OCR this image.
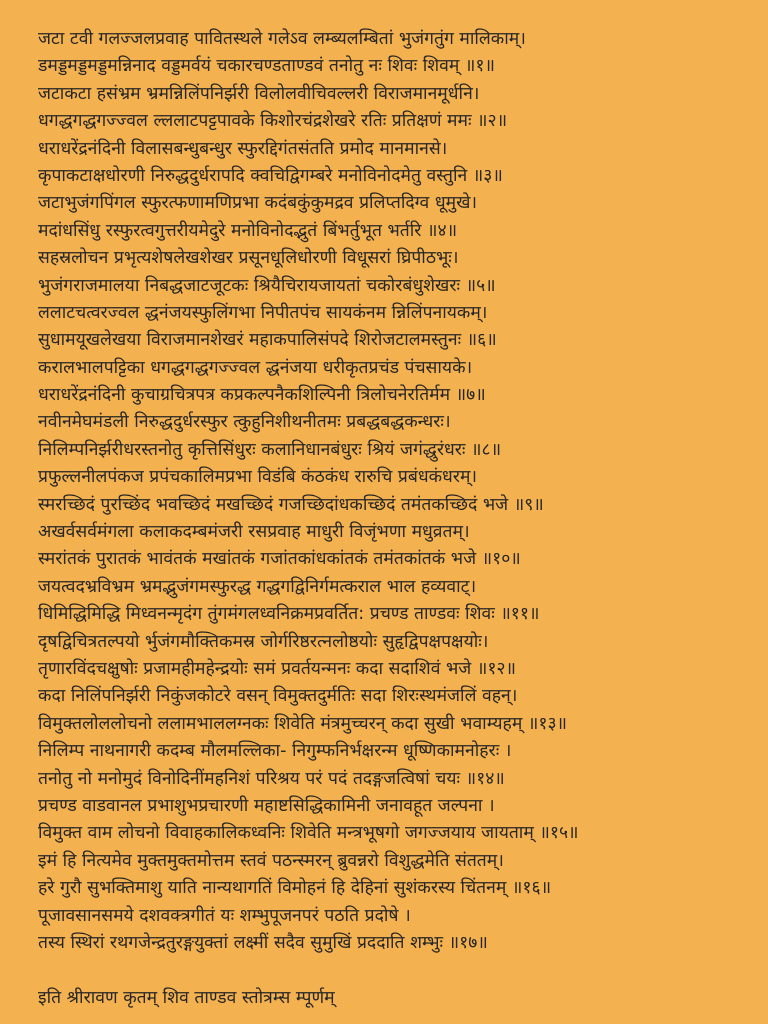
जटा टवी गलज्जलप्रवाह पावितस्थले गलेऽव लम्ब्यलम्बितां भुजंगतुंग मालिकाम्।
डमड्डमड्डमड्डमन्निनाद वड्डमर्वयं चकारचण्डताण्डवं तनोतु नः शिवः शिवम् ॥१॥
जटाकटा हसंभ्रम भ्रमन्निलिंपनिर्झरी विलोलवीचिवल्लरी विराजमानमूर्धनि।
धगद्धगद्धगज्ज्वल ल्ललाटपट्टपावके किशोरचंद्रशेखरे रतिः प्रतिक्षणं ममः ॥२॥
धराधरेंद्रनंदिनी विलासबन्धुबन्धुर स्फुरद्दिगंतसंतति प्रमोद मानमानसे।
कृपाकटाक्षधोरणी निरुद्धदुर्धरापदि क्वचिद्विगम्बरे मनोविनोदमेतु वस्तुनि ॥३॥
जटाभुजंगपिंगल स्फुरत्फणामणिप्रभा कदंबकुंकुमद्रव प्रलिप्तदिग्व धूमुखे।
मदांधसिंधु रस्फुरत्वगुत्तरीयमेदुरे मनोविनोदद्भुतं बिंभर्तुभूत भर्तरि ॥४॥
सहस्रलोचन प्रभृत्यशेषलेखशेखर प्रसूनधूलिधोरणी विधूसरां घ्रिपीठभूः।
भुजंगराजमालया निबद्धजाटजूटकः श्रियैचिरायजायतां चकोरबंधुशेखरः ॥५॥
ललाटचत्वरज्वल द्धनंजयस्फुलिंगभा निपीतपंच सायकंनम न्निलिंपनायकम्।
सुधामयूखलेखया विराजमानशेखरं महाकपालिसंपदे शिरोजटालमस्तुनः ॥६॥
करालभालपट्टिका धगद्धगद्धगज्ज्वल द्धनंजया धरीकृतप्रचंड पंचसायके।
धराधरेंद्रनंदिनी कुचाग्रचित्रपत्र कप्रकल्पनैकशिल्पिनी त्रिलोचनेरतिर्मम ॥७॥
नवीनमेघमंडली निरुद्धदुर्धरस्फुर त्कुहुनिशीथनीतमः प्रबद्धबद्धकन्धरः।
निलिम्पनिर्झरीधरस्तनोतु कृत्तिसिंधुरः कलानिधानबंधुरः श्रियं जगंद्धुरंधरः ॥८॥
प्रफुल्लनीलपंकज प्रपंचकालिमप्रभा विडंबि कंठकंध रारुचि प्रबंधकंधरम्।
स्मरच्छिदं पुरच्छिंद भवच्छिदं मखच्छिदं गजच्छिदांधकच्छिदं तमंतकच्छिदं भजे ॥९॥
अखर्वसर्वमंगला कलाकदम्बमंजरी रसप्रवाह माधुरी विजृंभणा मधुव्रतम्।
स्मरांतकं पुरातकं भावंतकं मखांतकं गजांतकांधकांतकं तमंतकांतकं भजे ॥१०॥
जयत्वदभ्रविभ्रम भ्रमद्भुजंगमस्फुरद्ध गद्धगद्विनिर्गमत्कराल भाल हव्यवाट्।
धिमिद्धिमिद्धि मिध्वनन्मृदंग तुंगमंगलध्वनिक्रमप्रवर्तित: प्रचण्ड ताण्डवः शिवः ॥११॥
दृषद्विचित्रतल्पयो र्भुजंगमौक्तिकमस्र जोर्गरिष्ठरत्नलोष्ठयोः सुहृद्विपक्षपक्षयोः।
तृणारविंदचक्षुषोः प्रजामहीमहेन्द्रयोः समं प्रवर्तयन्मनः कदा सदाशिवं भजे ॥१२॥
कदा निलिंपनिर्झरी निकुंजकोटरे वसन् विमुक्तदुर्मतिः सदा शिरःस्थमंजलिं वहन्।
विमुक्तलोललोचनो ललामभाललग्नकः शिवेति मंत्रमुच्चरन् कदा सुखी भवाम्यहम् ॥१३॥
निलिम्प नाथनागरी कदम्ब मौलमल्लिका- निगुम्फनिर्भक्षरन्म धूष्णिकामनोहरः ।
तनोतु नो मनोमुदं विनोदिनींमहनिशं परिश्रय परं पदं तदङ्गजत्विषां चयः ॥१४॥
प्रचण्ड वाडवानल प्रभाशुभप्रचारणी महाष्टसिद्धिकामिनी जनावहूत जल्पना ।
विमुक्त वाम लोचनो विवाहकालिकध्वनिः शिवेति मन्त्रभूषगो जगज्जयाय जायताम् ॥१५॥
इमं हि नित्यमेव मुक्तमुक्तमोत्तम स्तवं पठन्स्मरन् ब्रुवन्नरो विशुद्धमेति संततम्।
हरे गुरौ सुभक्तिमाशु याति नान्यथागतिं विमोहनं हि देहिनां सुशंकरस्य चिंतनम् ॥१६॥
पूजावसानसमये दशवक्त्रगीतं यः शम्भुपूजनपरं पठति प्रदोषे ।
तस्य स्थिरां रथगजेन्द्रतुरङ्गयुक्तां लक्ष्मीं सदैव सुमुखिं प्रददाति शम्भुः ॥१७॥
इति श्रीरावण कृतम् शिव ताण्डव स्तोत्रम्स म्पूर्णम्
